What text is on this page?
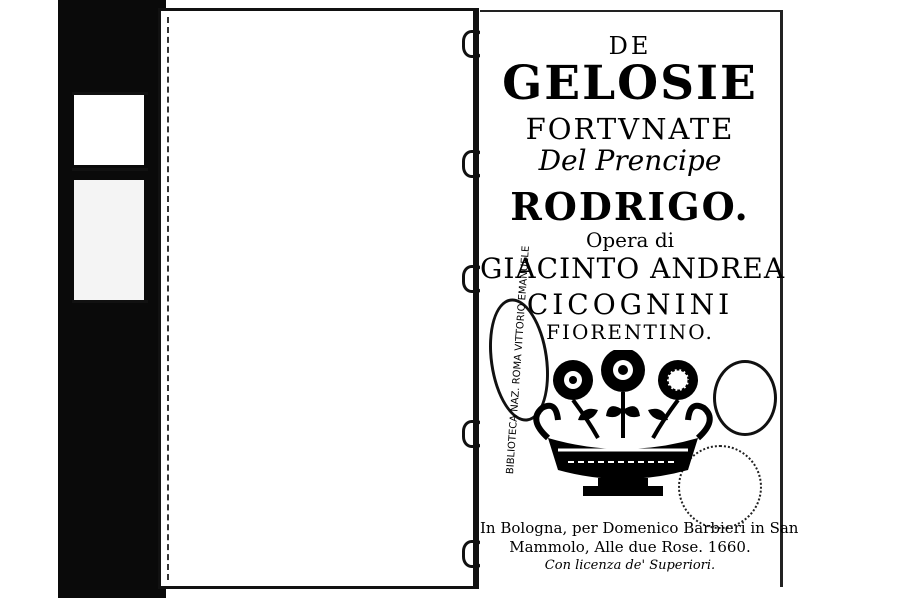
DE
GELOSIE
FORTVNATE
Del Prencipe
RODRIGO.
Opera di
GIACINTO ANDREA
CICOGNINI
FIORENTINO.
In Bologna, per Domenico Barbieri in San
Mammolo, Alle due Rose. 1660.
Con licenza de' Superiori.
BIBLIOTECA NAZ. ROMA VITTORIO EMANUELE
